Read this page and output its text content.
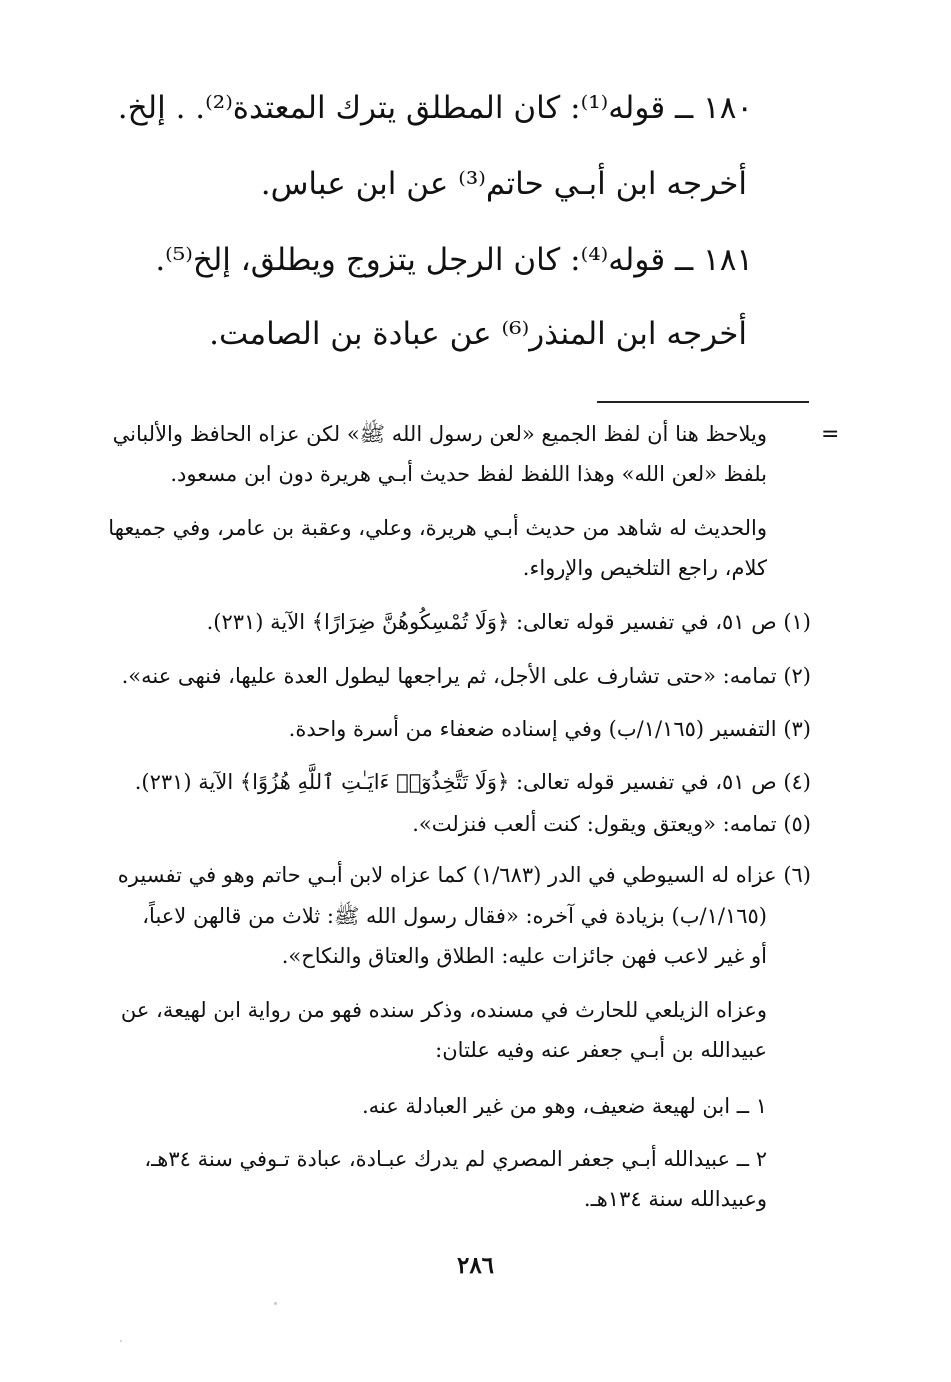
١٨٠ ــ قوله⁽¹⁾: كان المطلق يترك المعتدة⁽²⁾. . إلخ.
أخرجه ابن أبـي حاتم⁽³⁾ عن ابن عباس.
١٨١ ــ قوله⁽⁴⁾: كان الرجل يتزوج ويطلق، إلخ⁽⁵⁾.
أخرجه ابن المنذر⁽⁶⁾ عن عبادة بن الصامت.
=
ويلاحظ هنا أن لفظ الجميع «لعن رسول الله ﷺ» لكن عزاه الحافظ والألباني
بلفظ «لعن الله» وهذا اللفظ لفظ حديث أبـي هريرة دون ابن مسعود.
والحديث له شاهد من حديث أبـي هريرة، وعلي، وعقبة بن عامر، وفي جميعها
كلام، راجع التلخيص والإرواء.
(١) ص ٥١، في تفسير قوله تعالى: ﴿وَلَا تُمْسِكُوهُنَّ ضِرَارًا﴾ الآية (٢٣١).
(٢) تمامه: «حتى تشارف على الأجل، ثم يراجعها ليطول العدة عليها، فنهى عنه».
(٣) التفسير (١/١٦٥/ب) وفي إسناده ضعفاء من أسرة واحدة.
(٤) ص ٥١، في تفسير قوله تعالى: ﴿وَلَا تَتَّخِذُوٓا۟ ءَايَـٰتِ ٱللَّهِ هُزُوًا﴾ الآية (٢٣١).
(٥) تمامه: «ويعتق ويقول: كنت ألعب فنزلت».
(٦) عزاه له السيوطي في الدر (١/٦٨٣) كما عزاه لابن أبـي حاتم وهو في تفسيره
(١/١٦٥/ب) بزيادة في آخره: «فقال رسول الله ﷺ: ثلاث من قالهن لاعباً،
أو غير لاعب فهن جائزات عليه: الطلاق والعتاق والنكاح».
وعزاه الزيلعي للحارث في مسنده، وذكر سنده فهو من رواية ابن لهيعة، عن
عبيدالله بن أبـي جعفر عنه وفيه علتان:
١ ــ ابن لهيعة ضعيف، وهو من غير العبادلة عنه.
٢ ــ عبيدالله أبـي جعفر المصري لم يدرك عبـادة، عبادة تـوفي سنة ٣٤هـ،
وعبيدالله سنة ١٣٤هـ.
٢٨٦
